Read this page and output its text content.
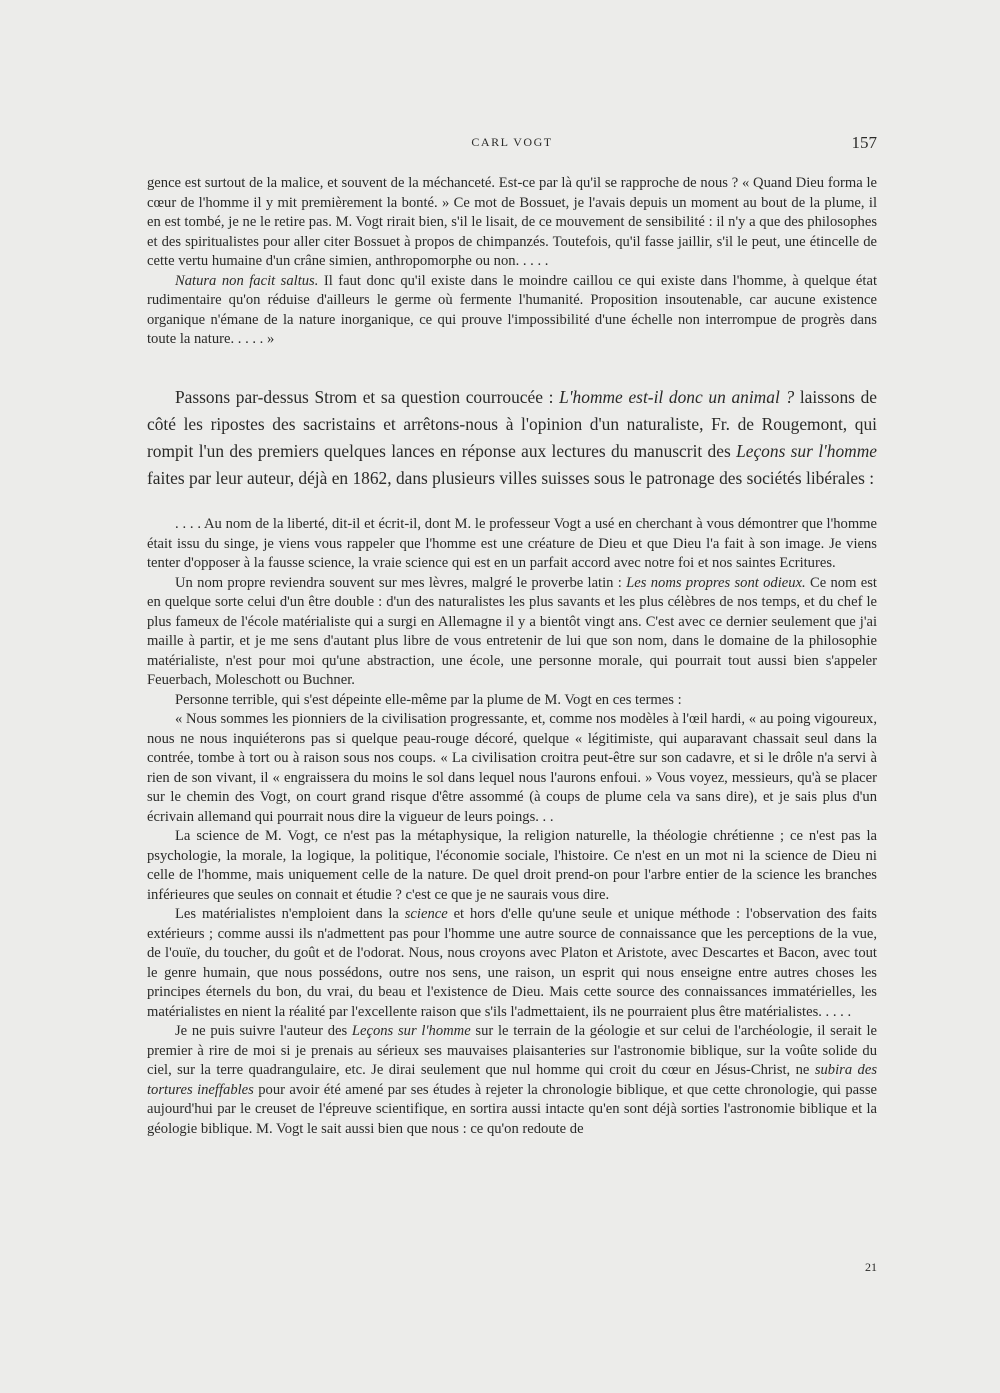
CARL VOGT	157

gence est surtout de la malice, et souvent de la méchanceté. Est-ce par là qu'il se rapproche de nous ? « Quand Dieu forma le cœur de l'homme il y mit premièrement la bonté. » Ce mot de Bossuet, je l'avais depuis un moment au bout de la plume, il en est tombé, je ne le retire pas. M. Vogt rirait bien, s'il le lisait, de ce mouvement de sensibilité : il n'y a que des philosophes et des spiritualistes pour aller citer Bossuet à propos de chimpanzés. Toutefois, qu'il fasse jaillir, s'il le peut, une étincelle de cette vertu humaine d'un crâne simien, anthropomorphe ou non. . . . .

Natura non facit saltus. Il faut donc qu'il existe dans le moindre caillou ce qui existe dans l'homme, à quelque état rudimentaire qu'on réduise d'ailleurs le germe où fermente l'humanité. Proposition insoutenable, car aucune existence organique n'émane de la nature inorganique, ce qui prouve l'impossibilité d'une échelle non interrompue de progrès dans toute la nature. . . . . »

Passons par-dessus Strom et sa question courroucée : L'homme est-il donc un animal ? laissons de côté les ripostes des sacristains et arrêtons-nous à l'opinion d'un naturaliste, Fr. de Rougemont, qui rompit l'un des premiers quelques lances en réponse aux lectures du manuscrit des Leçons sur l'homme faites par leur auteur, déjà en 1862, dans plusieurs villes suisses sous le patronage des sociétés libérales :

. . . . Au nom de la liberté, dit-il et écrit-il, dont M. le professeur Vogt a usé en cherchant à vous démontrer que l'homme était issu du singe, je viens vous rappeler que l'homme est une créature de Dieu et que Dieu l'a fait à son image. Je viens tenter d'opposer à la fausse science, la vraie science qui est en un parfait accord avec notre foi et nos saintes Ecritures.

Un nom propre reviendra souvent sur mes lèvres, malgré le proverbe latin : Les noms propres sont odieux. Ce nom est en quelque sorte celui d'un être double : d'un des naturalistes les plus savants et les plus célèbres de nos temps, et du chef le plus fameux de l'école matérialiste qui a surgi en Allemagne il y a bientôt vingt ans. C'est avec ce dernier seulement que j'ai maille à partir, et je me sens d'autant plus libre de vous entretenir de lui que son nom, dans le domaine de la philosophie matérialiste, n'est pour moi qu'une abstraction, une école, une personne morale, qui pourrait tout aussi bien s'appeler Feuerbach, Moleschott ou Buchner.

Personne terrible, qui s'est dépeinte elle-même par la plume de M. Vogt en ces termes :

« Nous sommes les pionniers de la civilisation progressante, et, comme nos modèles à l'œil hardi, « au poing vigoureux, nous ne nous inquiéterons pas si quelque peau-rouge décoré, quelque « légitimiste, qui auparavant chassait seul dans la contrée, tombe à tort ou à raison sous nos coups. « La civilisation croitra peut-être sur son cadavre, et si le drôle n'a servi à rien de son vivant, il « engraissera du moins le sol dans lequel nous l'aurons enfoui. » Vous voyez, messieurs, qu'à se placer sur le chemin des Vogt, on court grand risque d'être assommé (à coups de plume cela va sans dire), et je sais plus d'un écrivain allemand qui pourrait nous dire la vigueur de leurs poings. . .

La science de M. Vogt, ce n'est pas la métaphysique, la religion naturelle, la théologie chrétienne ; ce n'est pas la psychologie, la morale, la logique, la politique, l'économie sociale, l'histoire. Ce n'est en un mot ni la science de Dieu ni celle de l'homme, mais uniquement celle de la nature. De quel droit prend-on pour l'arbre entier de la science les branches inférieures que seules on connait et étudie ? c'est ce que je ne saurais vous dire.

Les matérialistes n'emploient dans la science et hors d'elle qu'une seule et unique méthode : l'observation des faits extérieurs ; comme aussi ils n'admettent pas pour l'homme une autre source de connaissance que les perceptions de la vue, de l'ouïe, du toucher, du goût et de l'odorat. Nous, nous croyons avec Platon et Aristote, avec Descartes et Bacon, avec tout le genre humain, que nous possédons, outre nos sens, une raison, un esprit qui nous enseigne entre autres choses les principes éternels du bon, du vrai, du beau et l'existence de Dieu. Mais cette source des connaissances immatérielles, les matérialistes en nient la réalité par l'excellente raison que s'ils l'admettaient, ils ne pourraient plus être matérialistes. . . . .

Je ne puis suivre l'auteur des Leçons sur l'homme sur le terrain de la géologie et sur celui de l'archéologie, il serait le premier à rire de moi si je prenais au sérieux ses mauvaises plaisanteries sur l'astronomie biblique, sur la voûte solide du ciel, sur la terre quadrangulaire, etc. Je dirai seulement que nul homme qui croit du cœur en Jésus-Christ, ne subira des tortures ineffables pour avoir été amené par ses études à rejeter la chronologie biblique, et que cette chronologie, qui passe aujourd'hui par le creuset de l'épreuve scientifique, en sortira aussi intacte qu'en sont déjà sorties l'astronomie biblique et la géologie biblique. M. Vogt le sait aussi bien que nous : ce qu'on redoute de

21
